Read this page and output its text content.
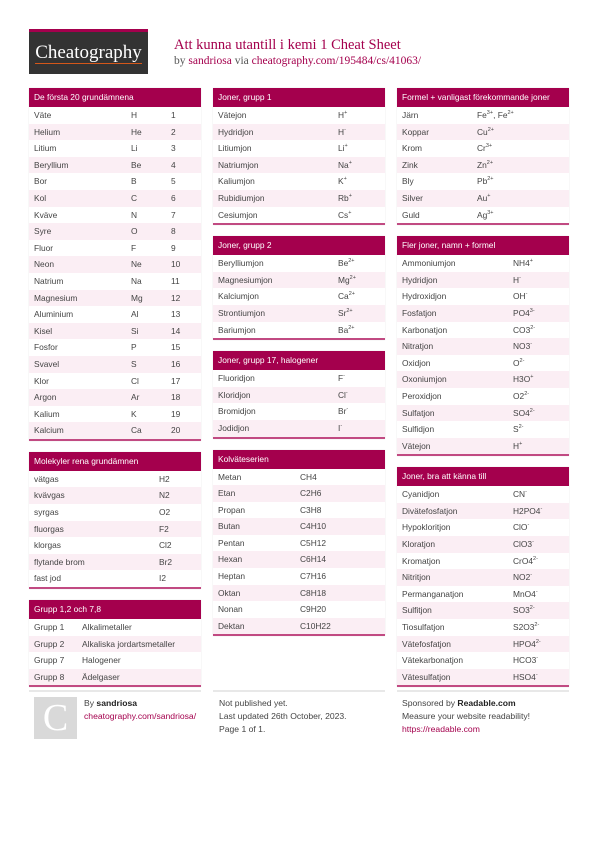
Cheatography Att kunna utantill i kemi 1 Cheat Sheet
by sandriosa via cheatography.com/195484/cs/41063/
De första 20 grundämnena
Väte	H	1
Helium	He	2
Litium	Li	3
Beryllium	Be	4
Bor	B	5
Kol	C	6
Kväve	N	7
Syre	O	8
Fluor	F	9
Neon	Ne	10
Natrium	Na	11
Magnesium	Mg	12
Aluminium	Al	13
Kisel	Si	14
Fosfor	P	15
Svavel	S	16
Klor	Cl	17
Argon	Ar	18
Kalium	K	19
Kalcium	Ca	20
Molekyler rena grundämnen
vätgas	H2
kvävgas	N2
syrgas	O2
fluorgas	F2
klorgas	Cl2
flytande brom	Br2
fast jod	I2
Grupp 1,2 och 7,8
Grupp 1	Alkalimetaller
Grupp 2	Alkaliska jordartsmetaller
Grupp 7	Halogener
Grupp 8	Ädelgaser
Joner, grupp 1
Vätejon	H+
Hydridjon	H-
Litiumjon	Li+
Natriumjon	Na+
Kaliumjon	K+
Rubidiumjon	Rb+
Cesiumjon	Cs+
Joner, grupp 2
Berylliumjon	$Be^{2+}$
Magnesiumjon	$Mg^{2+}$
Kalciumjon	$Ca^{2+}$
Strontiumjon	$Sr^{2+}$
Bariumjon	$Ba^{2+}$
Joner, grupp 17, halogener
Fluoridjon	F-
Kloridjon	Cl-
Bromidjon	Br-
Jodidjon	I-
Kolväteserien
Metan	CH4
Etan	C2H6
Propan	C3H8
Butan	C4H10
Pentan	C5H12
Hexan	C6H14
Heptan	C7H16
Oktan	C8H18
Nonan	C9H20
Dektan	C10H22
Formel + vanligast förekommande joner
Järn	$Fe^{3+}$, $Fe^{2+}$
Koppar	$Cu^{2+}$
Krom	$Cr^{3+}$
Zink	$Zn^{2+}$
Bly	$Pb^{2+}$
Silver	Au+
Guld	$Ag^{3+}$
Fler joner, namn + formel
Ammoniumjon	NH4+
Hydridjon	H-
Hydroxidjon	OH-
Fosfatjon	$PO4^{3-}$
Karbonatjon	$CO3^{2-}$
Nitratjon	NO3-
Oxidjon	$O^{2-}$
Oxoniumjon	H3O+
Peroxidjon	$O2^{2-}$
Sulfatjon	$SO4^{2-}$
Sulfidjon	$S^{2-}$
Vätejon	H+
Joner, bra att känna till
Cyanidjon	CN-
Divätefosfatjon	H2PO4-
Hypokloritjon	ClO-
Kloratjon	ClO3-
Kromatjon	$CrO4^{2-}$
Nitritjon	NO2-
Permanganatjon	MnO4-
Sulfitjon	$SO3^{2-}$
Tiosulfatjon	$S2O3^{2-}$
Vätefosfatjon	$HPO4^{2-}$
Vätekarbonatjon	HCO3-
Vätesulfatjon	HSO4-
C	By sandriosa
cheatography.com/sandriosa/
Not published yet.
Last updated 26th October, 2023.
Page 1 of 1.
Sponsored by Readable.com
Measure your website readability!
https://readable.com
